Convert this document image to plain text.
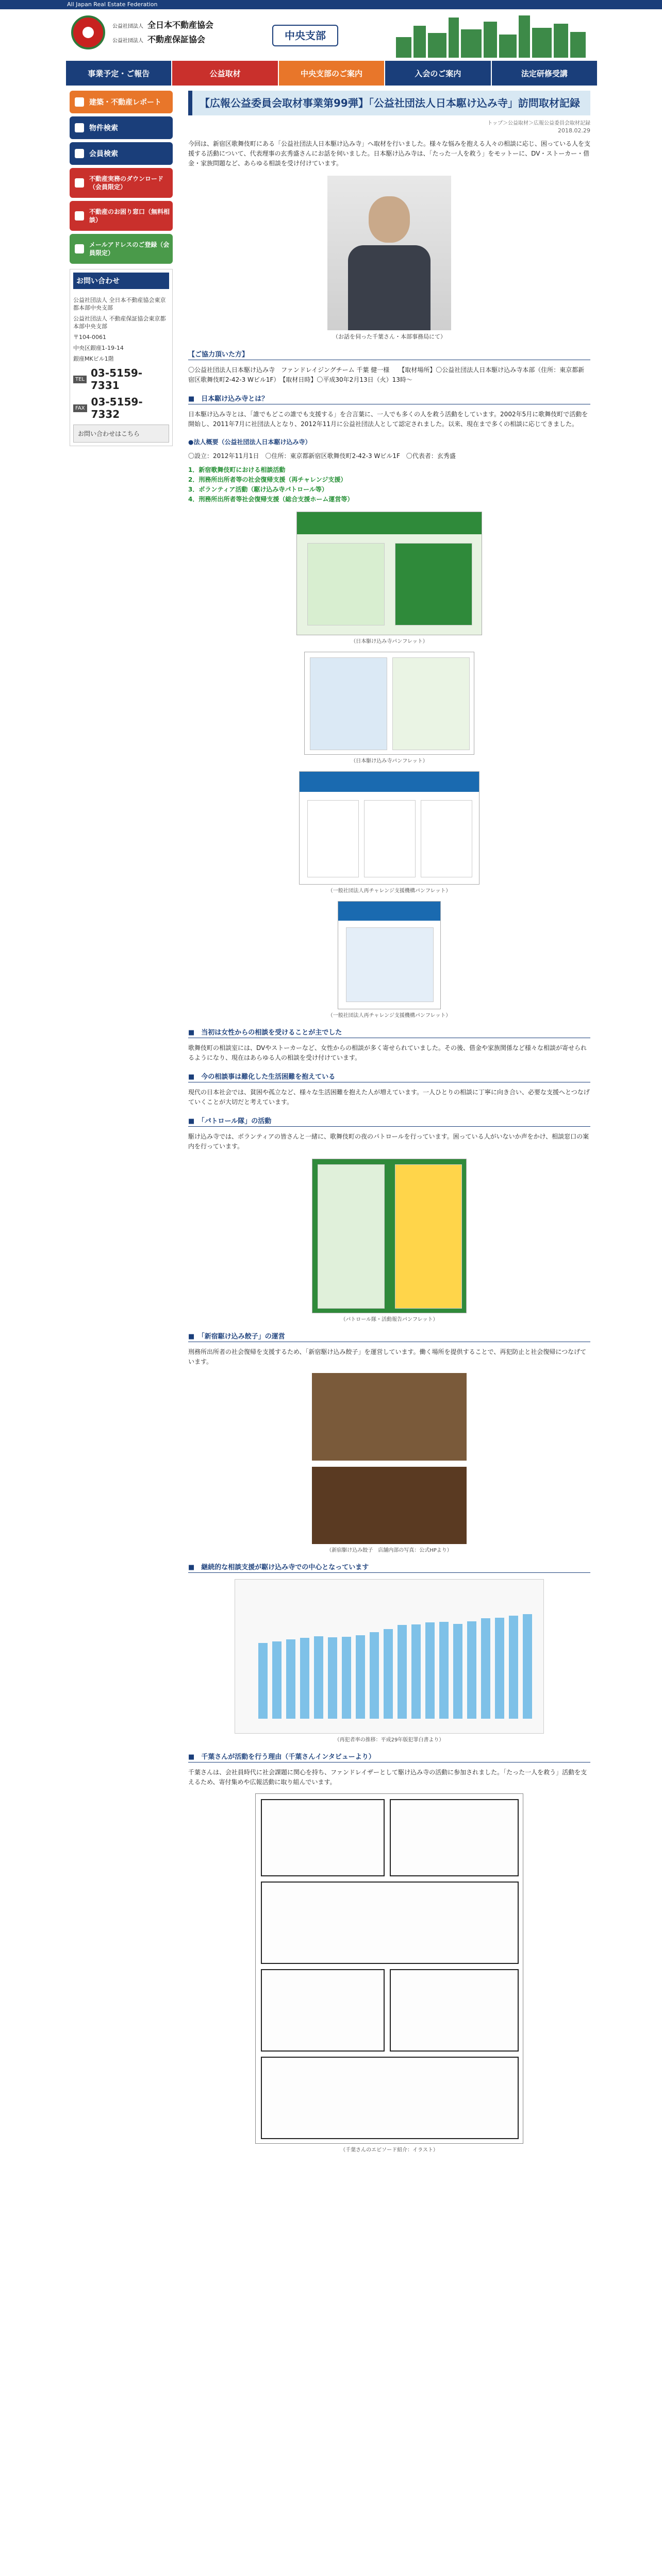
All Japan Real Estate Federation
公益社団法人 全日本不動産協会
公益社団法人 不動産保証協会	中央支部
事業予定・ご報告	公益取材	中央支部のご案内	入会のご案内	法定研修受講
建築・不動産レポート
物件検索
会員検索
不動産実務のダウンロード（会員限定）
不動産のお困り窓口（無料相談）
メールアドレスのご登録（会員限定）
お問い合わせ

公益社団法人 全日本不動産協会東京都本部中央支部

公益社団法人 不動産保証協会東京都本部中央支部

〒104-0061

中央区銀座1-19-14

銀座MKビル1階

TEL 03-5159-7331
FAX 03-5159-7332
お問い合わせはこちら
【広報公益委員会取材事業第99弾】「公益社団法人日本駆け込み寺」訪問取材記録
トップ＞公益取材＞広報公益委員会取材記録
2018.02.29
今回は、新宿区歌舞伎町にある「公益社団法人日本駆け込み寺」へ取材を行いました。様々な悩みを抱える人々の相談に応じ、困っている人を支援する活動について、代表理事の玄秀盛さんにお話を伺いました。日本駆け込み寺は、「たった一人を救う」をモットーに、DV・ストーカー・借金・家族問題など、あらゆる相談を受け付けています。
（お話を伺った千葉さん・本部事務局にて）
【ご協力頂いた方】
〇公益社団法人日本駆け込み寺　ファンドレイジングチーム 千葉 健一様　　【取材場所】〇公益社団法人日本駆け込み寺本部（住所：東京都新宿区歌舞伎町2-42-3 Wビル1F）　【取材日時】〇平成30年2月13日（火）13時～
■　日本駆け込み寺とは？
日本駆け込み寺とは、「誰でもどこの誰でも支援する」を合言葉に、一人でも多くの人を救う活動をしています。2002年5月に歌舞伎町で活動を開始し、2011年7月に社団法人となり、2012年11月に公益社団法人として認定されました。以来、現在まで多くの相談に応じてきました。
●法人概要（公益社団法人日本駆け込み寺）
〇設立：2012年11月1日　〇住所：東京都新宿区歌舞伎町2-42-3 Wビル1F　〇代表者：玄秀盛
1．新宿歌舞伎町における相談活動
2．刑務所出所者等の社会復帰支援（再チャレンジ支援）
3．ボランティア活動（駆け込み寺パトロール等）
4．刑務所出所者等社会復帰支援（総合支援ホーム運営等）
（日本駆け込み寺パンフレット）
（日本駆け込み寺パンフレット）
（一般社団法人再チャレンジ支援機構パンフレット）
（一般社団法人再チャレンジ支援機構パンフレット）
■　当初は女性からの相談を受けることが主でした
歌舞伎町の相談室には、DVやストーカーなど、女性からの相談が多く寄せられていました。その後、借金や家族関係など様々な相談が寄せられるようになり、現在はあらゆる人の相談を受け付けています。
■　今の相談事は難化した生活困難を抱えている
現代の日本社会では、貧困や孤立など、様々な生活困難を抱えた人が増えています。一人ひとりの相談に丁寧に向き合い、必要な支援へとつなげていくことが大切だと考えています。
■　「パトロール隊」の活動
駆け込み寺では、ボランティアの皆さんと一緒に、歌舞伎町の夜のパトロールを行っています。困っている人がいないか声をかけ、相談窓口の案内を行っています。
（パトロール隊・活動報告パンフレット）
■　「新宿駆け込み餃子」の運営
刑務所出所者の社会復帰を支援するため、「新宿駆け込み餃子」を運営しています。働く場所を提供することで、再犯防止と社会復帰につなげています。
（新宿駆け込み餃子　店舗内部の写真：公式HPより）
■　継続的な相談支援が駆け込み寺での中心となっています
（再犯者率の推移：平成29年版犯罪白書より）
■　千葉さんが活動を行う理由（千葉さんインタビューより）
千葉さんは、会社員時代に社会課題に関心を持ち、ファンドレイザーとして駆け込み寺の活動に参加されました。「たった一人を救う」活動を支えるため、寄付集めや広報活動に取り組んでいます。
（千葉さんのエピソード紹介：イラスト）
